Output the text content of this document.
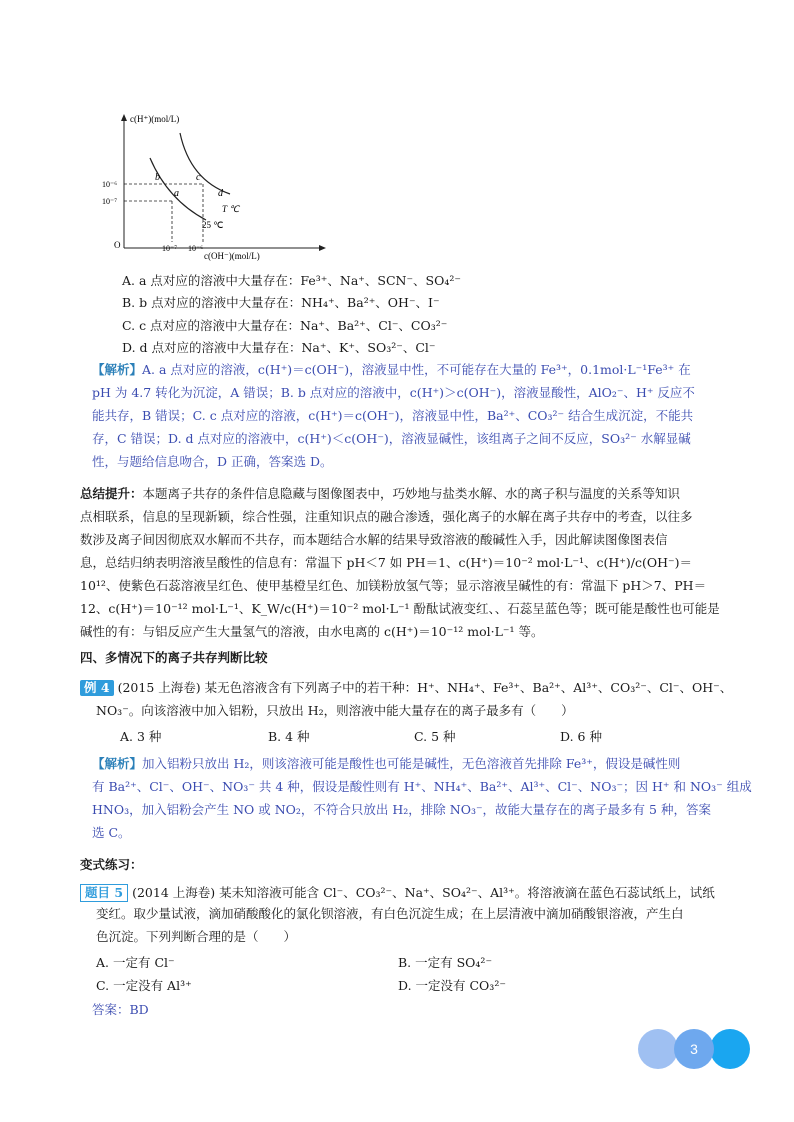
c(H⁺)(mol/L)
c(OH⁻)(mol/L)
O
10⁻⁶
10⁻⁷
10⁻⁷ 10⁻⁶
b
a
c
d
T ℃
25 ℃
A. a 点对应的溶液中大量存在：Fe³⁺、Na⁺、SCN⁻、SO₄²⁻
B. b 点对应的溶液中大量存在：NH₄⁺、Ba²⁺、OH⁻、I⁻
C. c 点对应的溶液中大量存在：Na⁺、Ba²⁺、Cl⁻、CO₃²⁻
D. d 点对应的溶液中大量存在：Na⁺、K⁺、SO₃²⁻、Cl⁻
【解析】A. a 点对应的溶液，c(H⁺)＝c(OH⁻)，溶液显中性，不可能存在大量的 Fe³⁺，0.1mol·L⁻¹Fe³⁺ 在
pH 为 4.7 转化为沉淀，A 错误；B. b 点对应的溶液中，c(H⁺)＞c(OH⁻)，溶液显酸性，AlO₂⁻、H⁺ 反应不
能共存，B 错误；C. c 点对应的溶液，c(H⁺)＝c(OH⁻)，溶液显中性，Ba²⁺、CO₃²⁻ 结合生成沉淀，不能共
存，C 错误；D. d 点对应的溶液中，c(H⁺)＜c(OH⁻)，溶液显碱性，该组离子之间不反应，SO₃²⁻ 水解显碱
性，与题给信息吻合，D 正确，答案选 D。
总结提升：本题离子共存的条件信息隐藏与图像图表中，巧妙地与盐类水解、水的离子积与温度的关系等知识
点相联系，信息的呈现新颖，综合性强，注重知识点的融合渗透，强化离子的水解在离子共存中的考查，以往多
数涉及离子间因彻底双水解而不共存，而本题结合水解的结果导致溶液的酸碱性入手，因此解读图像图表信
息，总结归纳表明溶液呈酸性的信息有：常温下 pH＜7 如 PH＝1、c(H⁺)＝10⁻² mol·L⁻¹、c(H⁺)/c(OH⁻)＝
10¹²、使紫色石蕊溶液呈红色、使甲基橙呈红色、加镁粉放氢气等；显示溶液呈碱性的有：常温下 pH＞7、PH＝
12、c(H⁺)＝10⁻¹² mol·L⁻¹、K_W/c(H⁺)＝10⁻² mol·L⁻¹ 酚酞试液变红、、石蕊呈蓝色等；既可能是酸性也可能是
碱性的有：与铝反应产生大量氢气的溶液，由水电离的 c(H⁺)＝10⁻¹² mol·L⁻¹ 等。
四、多情况下的离子共存判断比较
例 4 (2015 上海卷) 某无色溶液含有下列离子中的若干种：H⁺、NH₄⁺、Fe³⁺、Ba²⁺、Al³⁺、CO₃²⁻、Cl⁻、OH⁻、
NO₃⁻。向该溶液中加入铝粉，只放出 H₂，则溶液中能大量存在的离子最多有（　　）
A. 3 种	B. 4 种	C. 5 种	D. 6 种
【解析】加入铝粉只放出 H₂，则该溶液可能是酸性也可能是碱性，无色溶液首先排除 Fe³⁺，假设是碱性则
有 Ba²⁺、Cl⁻、OH⁻、NO₃⁻ 共 4 种，假设是酸性则有 H⁺、NH₄⁺、Ba²⁺、Al³⁺、Cl⁻、NO₃⁻；因 H⁺ 和 NO₃⁻ 组成
HNO₃，加入铝粉会产生 NO 或 NO₂，不符合只放出 H₂，排除 NO₃⁻，故能大量存在的离子最多有 5 种，答案
选 C。
变式练习：
题目 5 (2014 上海卷) 某未知溶液可能含 Cl⁻、CO₃²⁻、Na⁺、SO₄²⁻、Al³⁺。将溶液滴在蓝色石蕊试纸上，试纸
变红。取少量试液，滴加硝酸酸化的氯化钡溶液，有白色沉淀生成；在上层清液中滴加硝酸银溶液，产生白
色沉淀。下列判断合理的是（　　）
A. 一定有 Cl⁻	B. 一定有 SO₄²⁻
C. 一定没有 Al³⁺	D. 一定没有 CO₃²⁻
答案：BD
3
